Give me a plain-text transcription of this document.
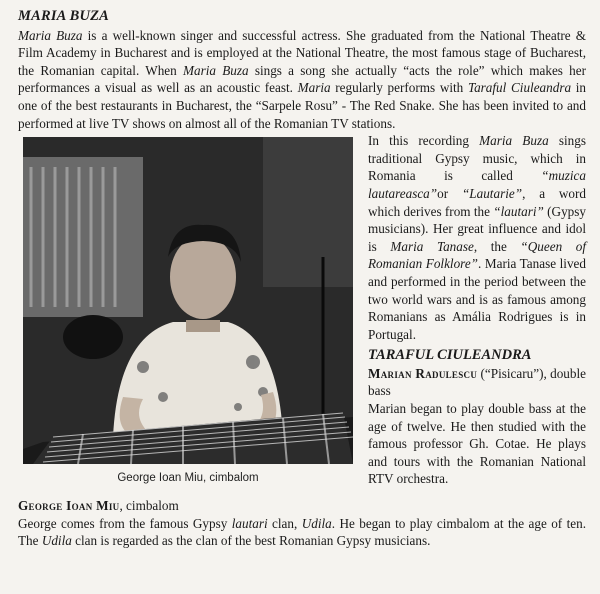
MARIA BUZA

Maria Buza is a well-known singer and successful actress. She graduated from the National Theatre & Film Academy in Bucharest and is employed at the National Theatre, the most famous stage of Bucharest, the Romanian capital. When Maria Buza sings a song she actually “acts the role” which makes her performances a visual as well as an acoustic feast. Maria regularly performs with Taraful Ciuleandra in one of the best restaurants in Bucharest, the “Sarpele Rosu” - The Red Snake. She has been invited to and performed at live TV shows on almost all of the Romanian TV stations.

George Ioan Miu, cimbalom

In this recording Maria Buza sings traditional Gypsy music, which in Romania is called “muzica lautareasca”or “Lautarie”, a word which derives from the “lautari” (Gypsy musicians). Her great influence and idol is Maria Tanase, the “Queen of Romanian Folklore”. Maria Tanase lived and performed in the period between the two world wars and is as famous among Romanians as Amália Rodrigues is in Portugal.

TARAFUL CIULEANDRA

Marian Radulescu (“Pisicaru”), double bass

Marian began to play double bass at the age of twelve. He then studied with the famous professor Gh. Cotae. He plays and tours with the Romanian National RTV orchestra.

George Ioan Miu, cimbalom

George comes from the famous Gypsy lautari clan, Udila. He began to play cimbalom at the age of ten. The Udila clan is regarded as the clan of the best Romanian Gypsy musicians.
